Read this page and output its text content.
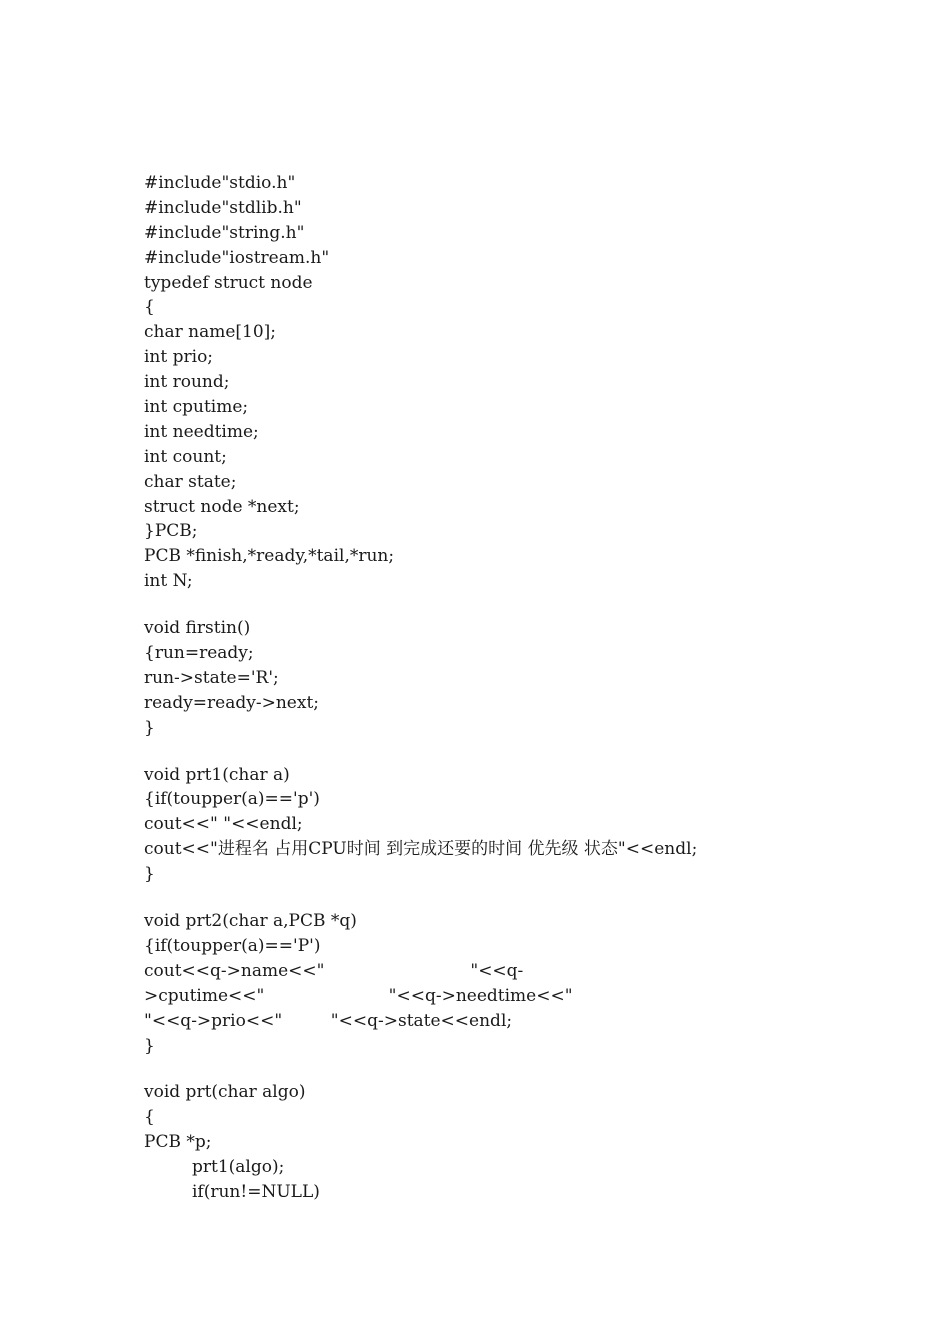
#include"stdio.h"
#include"stdlib.h"
#include"string.h"
#include"iostream.h"
typedef struct node
{
char name[10];
int prio;
int round;
int cputime;
int needtime;
int count;
char state;
struct node *next;
}PCB;
PCB *finish,*ready,*tail,*run;
int N;
void firstin()
{run=ready;
run->state='R';
ready=ready->next;
}
void prt1(char a)
{if(toupper(a)=='p')
cout<<" "<<endl;
cout<<"进程名 占用CPU时间 到完成还要的时间 优先级 状态"<<endl;
}
void prt2(char a,PCB *q)
{if(toupper(a)=='P')
cout<<q->name<<"                           "<<q-
>cputime<<"                       "<<q->needtime<<"
"<<q->prio<<"         "<<q->state<<endl;
}
void prt(char algo)
{
PCB *p;
prt1(algo);
if(run!=NULL)
